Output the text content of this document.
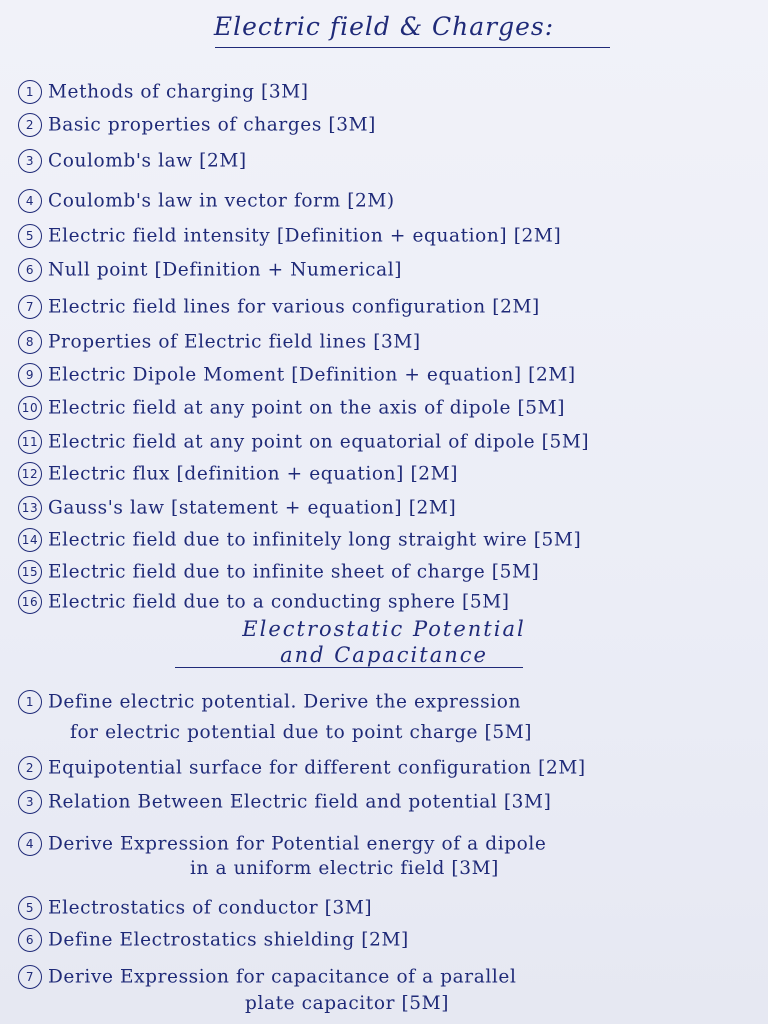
Electric field & Charges:
1 Methods of charging [3M]
2 Basic properties of charges [3M]
3 Coulomb's law [2M]
4 Coulomb's law in vector form [2M)
5 Electric field intensity [Definition + equation] [2M]
6 Null point [Definition + Numerical]
7 Electric field lines for various configuration [2M]
8 Properties of Electric field lines [3M]
9 Electric Dipole Moment [Definition + equation] [2M]
10 Electric field at any point on the axis of dipole [5M]
11 Electric field at any point on equatorial of dipole [5M]
12 Electric flux [definition + equation] [2M]
13 Gauss's law [statement + equation] [2M]
14 Electric field due to infinitely long straight wire [5M]
15 Electric field due to infinite sheet of charge [5M]
16 Electric field due to a conducting sphere [5M]
Electrostatic Potential
and Capacitance
1 Define electric potential. Derive the expression
for electric potential due to point charge [5M]
2 Equipotential surface for different configuration [2M]
3 Relation Between Electric field and potential [3M]
4 Derive Expression for Potential energy of a dipole
in a uniform electric field [3M]
5 Electrostatics of conductor [3M]
6 Define Electrostatics shielding [2M]
7 Derive Expression for capacitance of a parallel
plate capacitor [5M]
